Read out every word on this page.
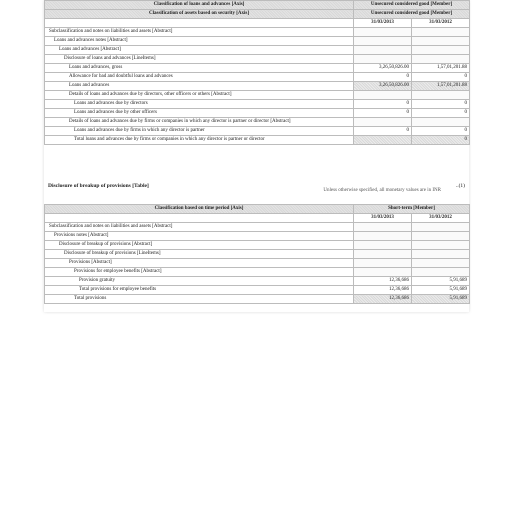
Classification of loans and advances [Axis]	Unsecured considered good [Member]	
Classification of assets based on security [Axis]	Unsecured considered good [Member]	
	31/03/2013	31/03/2012
Subclassification and notes on liabilities and assets [Abstract]		
Loans and advances notes [Abstract]		
Loans and advances [Abstract]		
Disclosure of loans and advances [LineItems]		
Loans and advances, gross	3,26,50,826.00	1,57,01,201.88
Allowance for bad and doubtful loans and advances	0	0
Loans and advances	3,26,50,826.00	1,57,01,201.88
Details of loans and advances due by directors, other officers or others [Abstract]		
Loans and advances due by directors	0	0
Loans and advances due by other officers	0	0
Details of loans and advances due by firms or companies in which any director is partner or director [Abstract]		
Loans and advances due by firms in which any director is partner	0	0
Total loans and advances due by firms or companies in which any director is partner or director		0
Disclosure of breakup of provisions [Table]	..(1)
Unless otherwise specified, all monetary values are in INR
Classification based on time period [Axis]	Short-term [Member]	
	31/03/2013	31/03/2012
Subclassification and notes on liabilities and assets [Abstract]		
Provisions notes [Abstract]		
Disclosure of breakup of provisions [Abstract]		
Disclosure of breakup of provisions [LineItems]		
Provisions [Abstract]		
Provisions for employee benefits [Abstract]		
Provision gratuity	12,36,686	5,91,689
Total provisions for employee benefits	12,36,686	5,91,689
Total provisions	12,36,686	5,91,689
